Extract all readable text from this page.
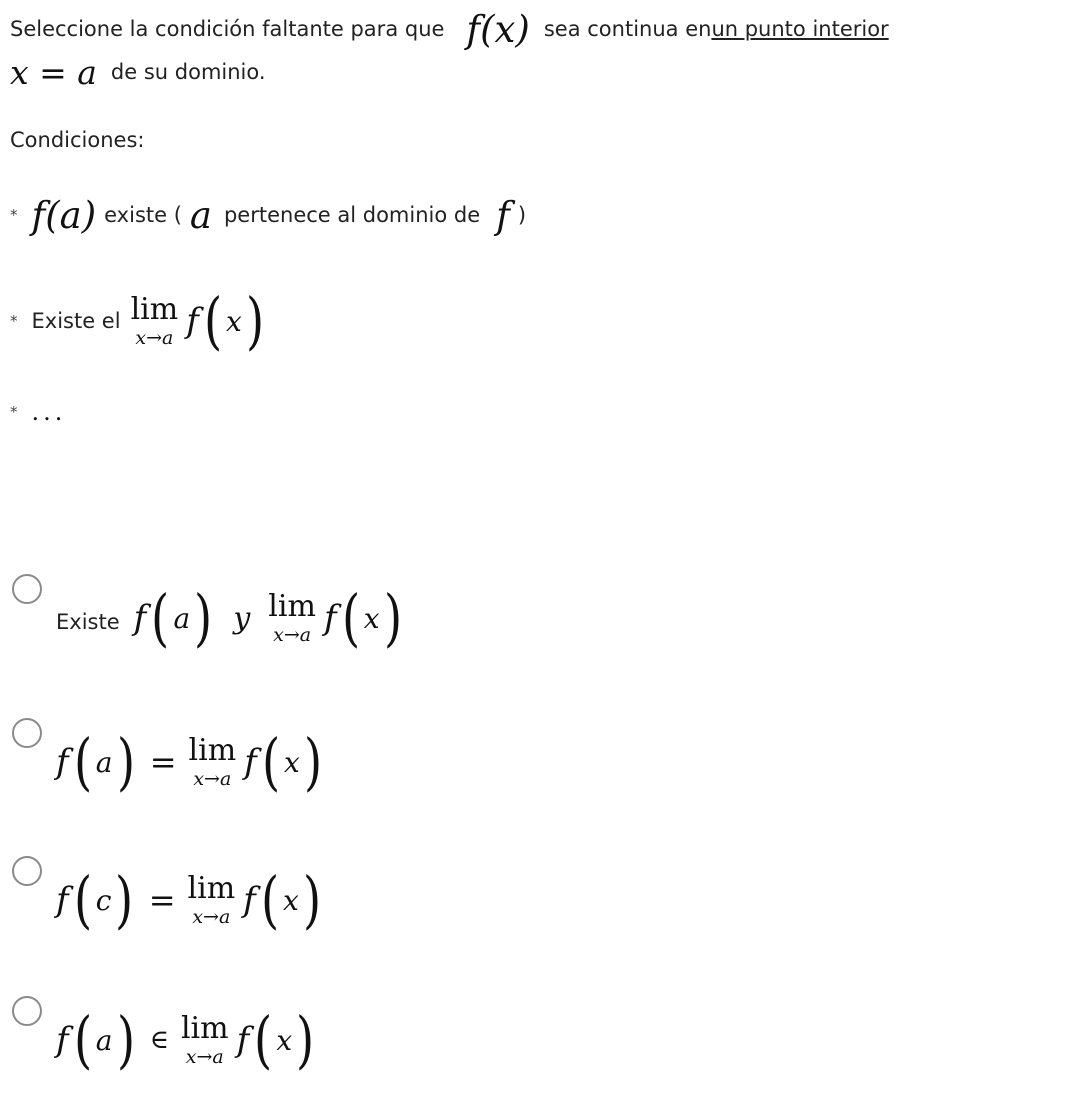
Seleccione la condición faltante para que f(x) sea continua en un punto interior
x = a de su dominio.
Condiciones:
* f(a) existe ( a pertenece al dominio de f )
* Existe el lim
x→a f ( x )
* ...
Existe f ( a ) y lim
x→a f ( x )
f ( a ) = lim
x→a f ( x )
f ( c ) = lim
x→a f ( x )
f ( a ) ∈ lim
x→a f ( x )
